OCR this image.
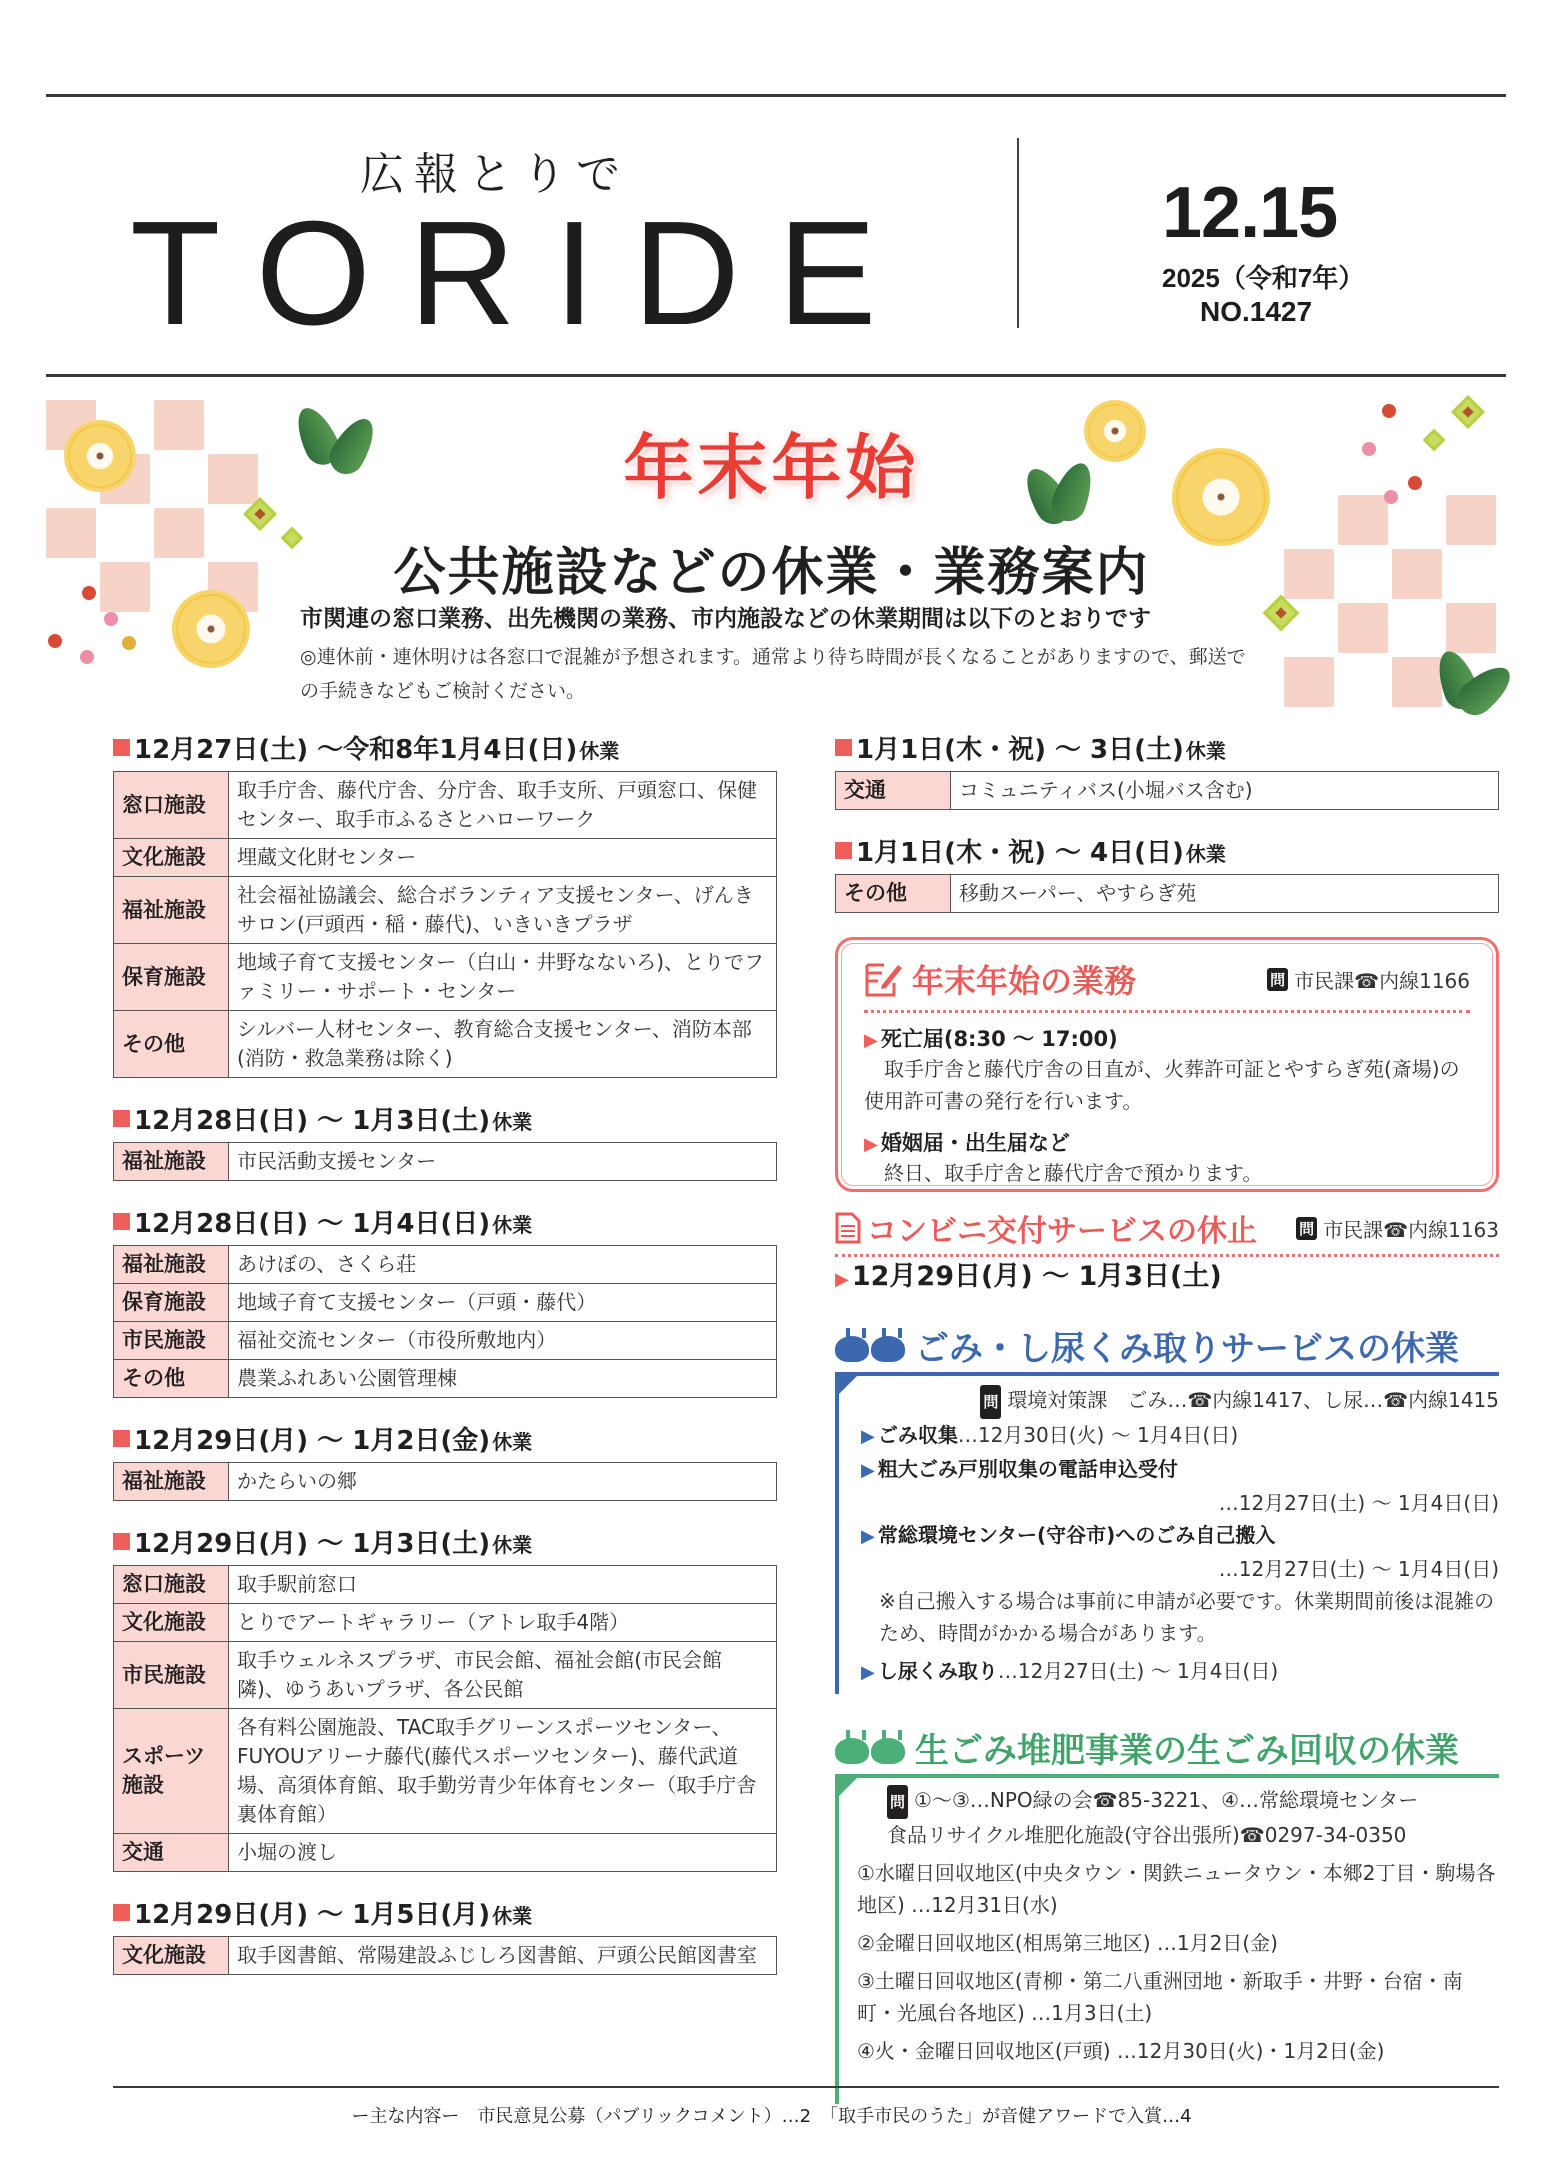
広報とりで
TORIDE	12.15
2025（令和7年）
NO.1427
年末年始
公共施設などの休業・業務案内
市関連の窓口業務、出先機関の業務、市内施設などの休業期間は以下のとおりです
◎連休前・連休明けは各窓口で混雑が予想されます。通常より待ち時間が長くなることがありますので、郵送での手続きなどもご検討ください。
12月27日(土) ～令和8年1月4日(日) 休業
窓口施設	取手庁舎、藤代庁舎、分庁舎、取手支所、戸頭窓口、保健センター、取手市ふるさとハローワーク
文化施設	埋蔵文化財センター
福祉施設	社会福祉協議会、総合ボランティア支援センター、げんきサロン(戸頭西・稲・藤代)、いきいきプラザ
保育施設	地域子育て支援センター（白山・井野なないろ)、とりでファミリー・サポート・センター
その他	シルバー人材センター、教育総合支援センター、消防本部(消防・救急業務は除く)
12月28日(日) ～ 1月3日(土) 休業
福祉施設	市民活動支援センター
12月28日(日) ～ 1月4日(日) 休業
福祉施設	あけぼの、さくら荘
保育施設	地域子育て支援センター（戸頭・藤代）
市民施設	福祉交流センター（市役所敷地内）
その他	農業ふれあい公園管理棟
12月29日(月) ～ 1月2日(金) 休業
福祉施設	かたらいの郷
12月29日(月) ～ 1月3日(土) 休業
窓口施設	取手駅前窓口
文化施設	とりでアートギャラリー（アトレ取手4階）
市民施設	取手ウェルネスプラザ、市民会館、福祉会館(市民会館隣)、ゆうあいプラザ、各公民館
スポーツ施設	各有料公園施設、TAC取手グリーンスポーツセンター、FUYOUアリーナ藤代(藤代スポーツセンター)、藤代武道場、高須体育館、取手勤労青少年体育センター（取手庁舎裏体育館）
交通	小堀の渡し
12月29日(月) ～ 1月5日(月) 休業
文化施設	取手図書館、常陽建設ふじしろ図書館、戸頭公民館図書室
1月1日(木・祝) ～ 3日(土) 休業
交通	コミュニティバス(小堀バス含む)
1月1日(木・祝) ～ 4日(日) 休業
その他	移動スーパー、やすらぎ苑
年末年始の業務	問 市民課☎内線1166
▶ 死亡届(8:30 ～ 17:00)
取手庁舎と藤代庁舎の日直が、火葬許可証とやすらぎ苑(斎場)の使用許可書の発行を行います。
▶ 婚姻届・出生届など
終日、取手庁舎と藤代庁舎で預かります。
コンビニ交付サービスの休止	問 市民課☎内線1163
▶ 12月29日(月) ～ 1月3日(土)
ごみ・し尿くみ取りサービスの休業
問 環境対策課　ごみ…☎内線1417、し尿…☎内線1415
▶ ごみ収集…12月30日(火) ～ 1月4日(日)
▶ 粗大ごみ戸別収集の電話申込受付
…12月27日(土) ～ 1月4日(日)
▶ 常総環境センター(守谷市)へのごみ自己搬入
…12月27日(土) ～ 1月4日(日)
※自己搬入する場合は事前に申請が必要です。休業期間前後は混雑のため、時間がかかる場合があります。
▶ し尿くみ取り…12月27日(土) ～ 1月4日(日)
生ごみ堆肥事業の生ごみ回収の休業
問 ①～③…NPO緑の会☎85-3221、④…常総環境センター
食品リサイクル堆肥化施設(守谷出張所)☎0297-34-0350
①水曜日回収地区(中央タウン・関鉄ニュータウン・本郷2丁目・駒場各地区) …12月31日(水)
②金曜日回収地区(相馬第三地区) …1月2日(金)
③土曜日回収地区(青柳・第二八重洲団地・新取手・井野・台宿・南町・光風台各地区) …1月3日(土)
④火・金曜日回収地区(戸頭) …12月30日(火)・1月2日(金)
ー主な内容ー　市民意見公募（パブリックコメント）…2　「取手市民のうた」が音健アワードで入賞…4
